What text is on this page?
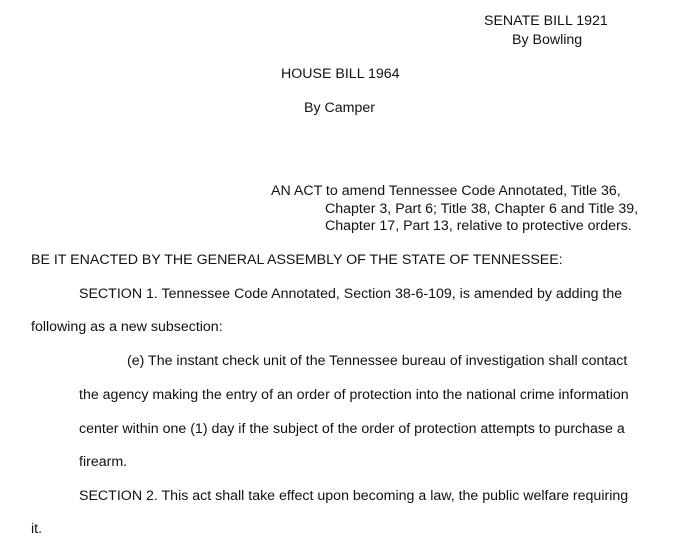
SENATE BILL 1921
By Bowling
HOUSE BILL 1964
By Camper
AN ACT to amend Tennessee Code Annotated, Title 36,
Chapter 3, Part 6; Title 38, Chapter 6 and Title 39,
Chapter 17, Part 13, relative to protective orders.
BE IT ENACTED BY THE GENERAL ASSEMBLY OF THE STATE OF TENNESSEE:
SECTION 1. Tennessee Code Annotated, Section 38-6-109, is amended by adding the
following as a new subsection:
(e) The instant check unit of the Tennessee bureau of investigation shall contact
the agency making the entry of an order of protection into the national crime information
center within one (1) day if the subject of the order of protection attempts to purchase a
firearm.
SECTION 2. This act shall take effect upon becoming a law, the public welfare requiring
it.
